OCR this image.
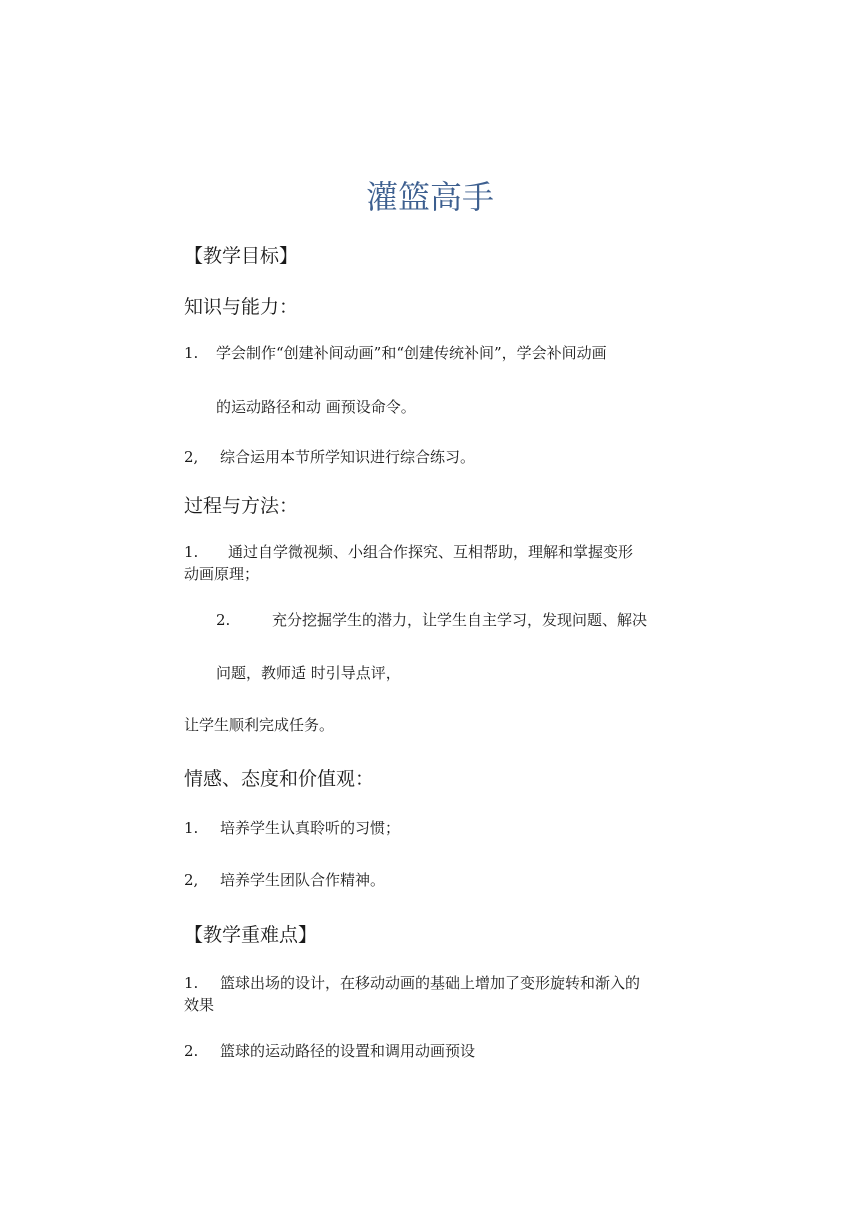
灌篮高手
【教学目标】
知识与能力：
1. 学会制作“创建补间动画”和“创建传统补间”，学会补间动画
的运动路径和动 画预设命令。
2, 综合运用本节所学知识进行综合练习。
过程与方法：
1. 通过自学微视频、小组合作探究、互相帮助，理解和掌握变形
动画原理；
2.	充分挖掘学生的潜力，让学生自主学习，发现问题、解决
问题，教师适 时引导点评，
让学生顺利完成任务。
情感、态度和价值观：
1. 培养学生认真聆听的习惯；
2, 培养学生团队合作精神。
【教学重难点】
1. 篮球出场的设计，在移动动画的基础上增加了变形旋转和渐入的
效果
2. 篮球的运动路径的设置和调用动画预设
